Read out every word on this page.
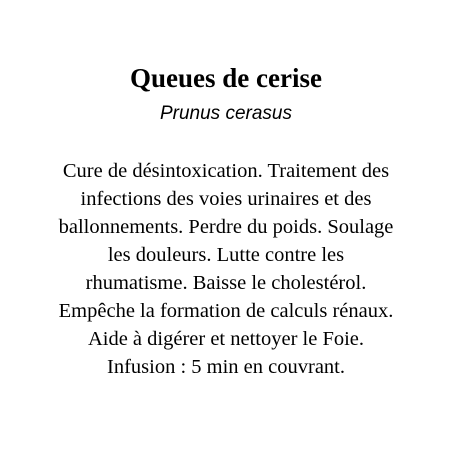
Queues de cerise

Prunus cerasus

Cure de désintoxication. Traitement des
infections des voies urinaires et des
ballonnements. Perdre du poids. Soulage
les douleurs. Lutte contre les
rhumatisme. Baisse le cholestérol.
Empêche la formation de calculs rénaux.
Aide à digérer et nettoyer le Foie.
Infusion : 5 min en couvrant.
